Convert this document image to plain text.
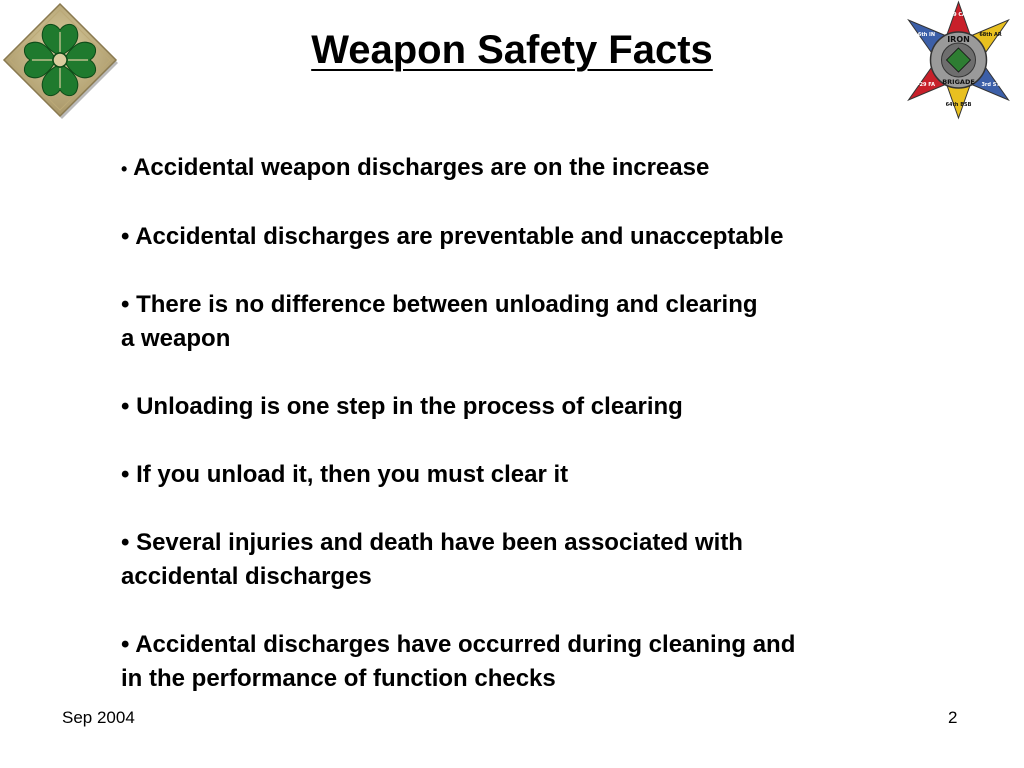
Weapon Safety Facts	IRON
BRIGADE
2-9 CAV
68th AR
3rd STB
64th BSB
3-29 FA
6th IN
• Accidental weapon discharges are on the increase
• Accidental discharges are preventable and unacceptable
• There is no difference between unloading and clearing
a weapon
• Unloading is one step in the process of clearing
• If you unload it, then you must clear it
• Several injuries and death have been associated with
accidental discharges
• Accidental discharges have occurred during cleaning and
in the performance of function checks
Sep 2004	2
